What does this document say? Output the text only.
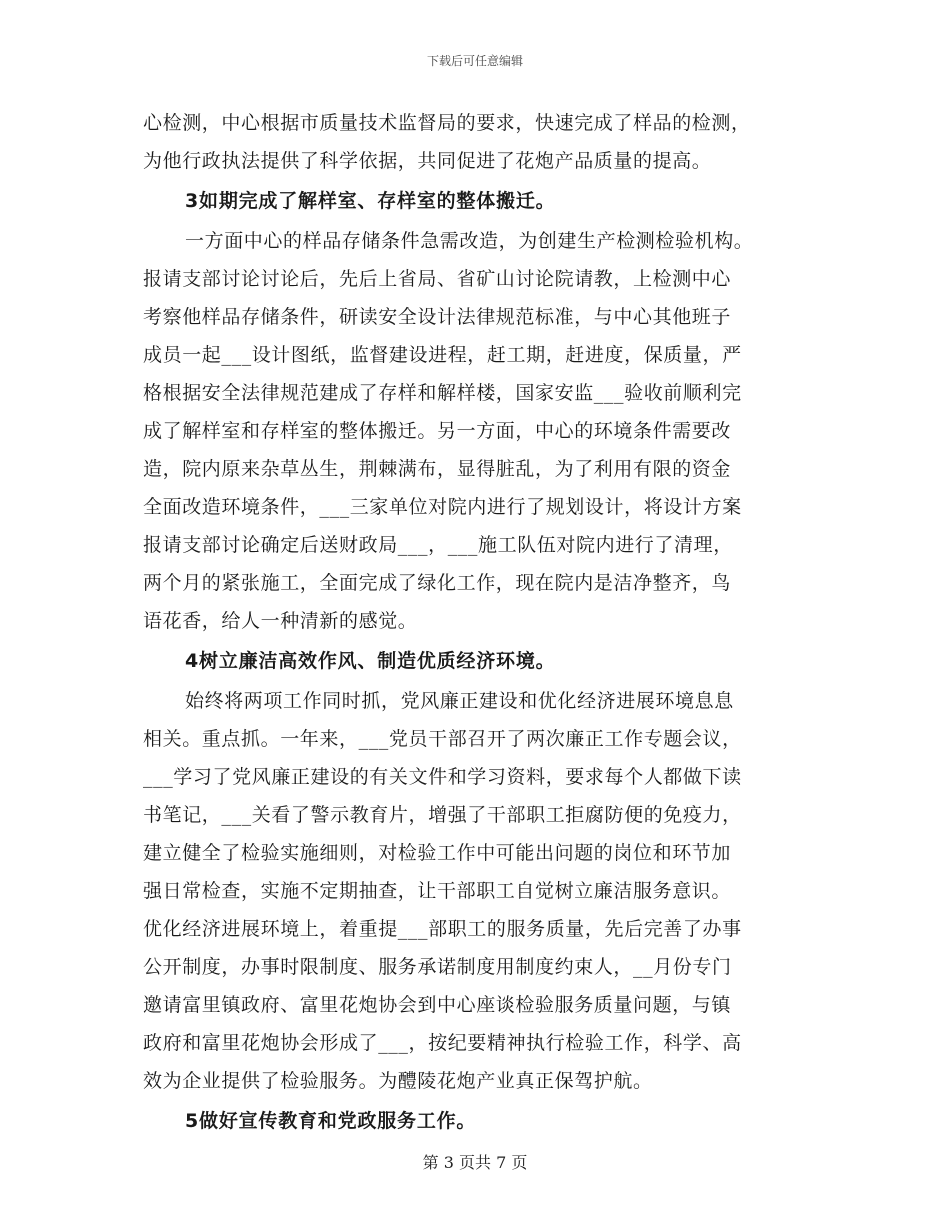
下载后可任意编辑
心检测，中心根据市质量技术监督局的要求，快速完成了样品的检测，
为他行政执法提供了科学依据，共同促进了花炮产品质量的提高。
3如期完成了解样室、存样室的整体搬迁。
一方面中心的样品存储条件急需改造，为创建生产检测检验机构。
报请支部讨论讨论后，先后上省局、省矿山讨论院请教，上检测中心
考察他样品存储条件，研读安全设计法律规范标准，与中心其他班子
成员一起___设计图纸，监督建设进程，赶工期，赶进度，保质量，严
格根据安全法律规范建成了存样和解样楼，国家安监___验收前顺利完
成了解样室和存样室的整体搬迁。另一方面，中心的环境条件需要改
造，院内原来杂草丛生，荆棘满布，显得脏乱，为了利用有限的资金
全面改造环境条件，___三家单位对院内进行了规划设计，将设计方案
报请支部讨论确定后送财政局___，___施工队伍对院内进行了清理，
两个月的紧张施工，全面完成了绿化工作，现在院内是洁净整齐，鸟
语花香，给人一种清新的感觉。
4树立廉洁高效作风、制造优质经济环境。
始终将两项工作同时抓，党风廉正建设和优化经济进展环境息息
相关。重点抓。一年来，___党员干部召开了两次廉正工作专题会议，
___学习了党风廉正建设的有关文件和学习资料，要求每个人都做下读
书笔记，___关看了警示教育片，增强了干部职工拒腐防便的免疫力，
建立健全了检验实施细则，对检验工作中可能出问题的岗位和环节加
强日常检查，实施不定期抽查，让干部职工自觉树立廉洁服务意识。
优化经济进展环境上，着重提___部职工的服务质量，先后完善了办事
公开制度，办事时限制度、服务承诺制度用制度约束人，__月份专门
邀请富里镇政府、富里花炮协会到中心座谈检验服务质量问题，与镇
政府和富里花炮协会形成了___，按纪要精神执行检验工作，科学、高
效为企业提供了检验服务。为醴陵花炮产业真正保驾护航。
5做好宣传教育和党政服务工作。
第 3 页共 7 页
